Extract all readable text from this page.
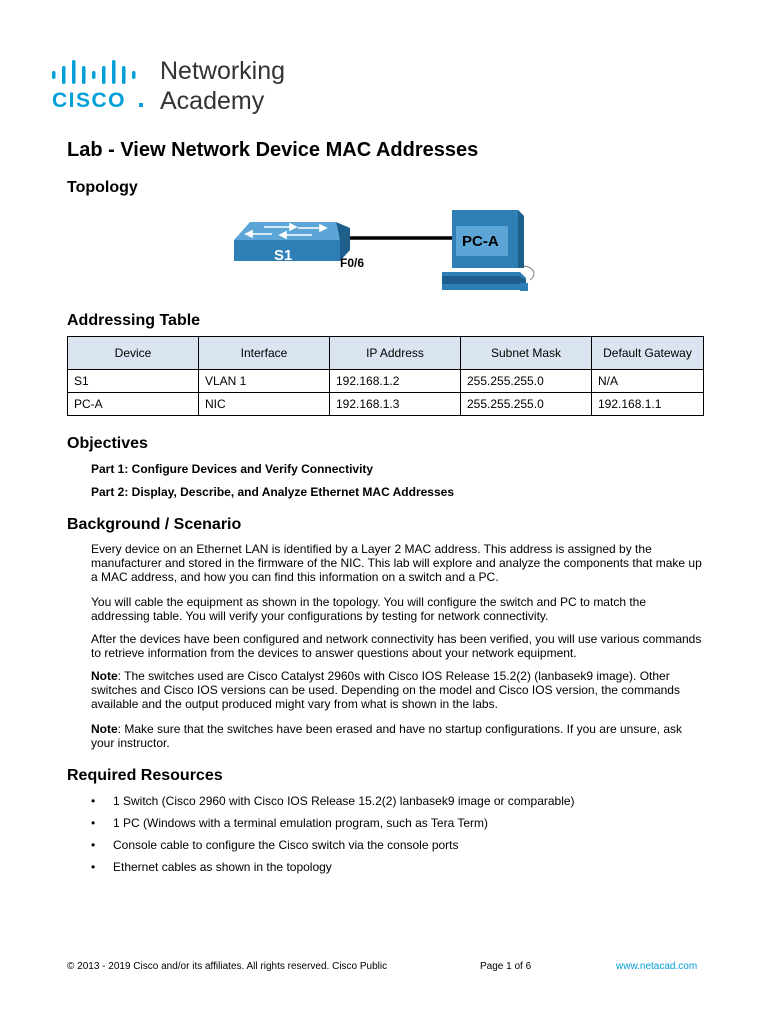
CISCO
Networking
Academy
Lab - View Network Device MAC Addresses
Topology
S1	F0/6
PC-A
Addressing Table
Device	Interface	IP Address	Subnet Mask	Default Gateway
S1	VLAN 1	192.168.1.2	255.255.255.0	N/A
PC-A	NIC	192.168.1.3	255.255.255.0	192.168.1.1
Objectives
Part 1: Configure Devices and Verify Connectivity
Part 2: Display, Describe, and Analyze Ethernet MAC Addresses
Background / Scenario
Every device on an Ethernet LAN is identified by a Layer 2 MAC address. This address is assigned by the manufacturer and stored in the firmware of the NIC. This lab will explore and analyze the components that make up a MAC address, and how you can find this information on a switch and a PC.
You will cable the equipment as shown in the topology. You will configure the switch and PC to match the addressing table. You will verify your configurations by testing for network connectivity.
After the devices have been configured and network connectivity has been verified, you will use various commands to retrieve information from the devices to answer questions about your network equipment.
Note: The switches used are Cisco Catalyst 2960s with Cisco IOS Release 15.2(2) (lanbasek9 image). Other switches and Cisco IOS versions can be used. Depending on the model and Cisco IOS version, the commands available and the output produced might vary from what is shown in the labs.
Note: Make sure that the switches have been erased and have no startup configurations. If you are unsure, ask your instructor.
Required Resources
• 1 Switch (Cisco 2960 with Cisco IOS Release 15.2(2) lanbasek9 image or comparable)
• 1 PC (Windows with a terminal emulation program, such as Tera Term)
• Console cable to configure the Cisco switch via the console ports
• Ethernet cables as shown in the topology
© 2013 - 2019 Cisco and/or its affiliates. All rights reserved. Cisco Public	Page 1 of 6	www.netacad.com
